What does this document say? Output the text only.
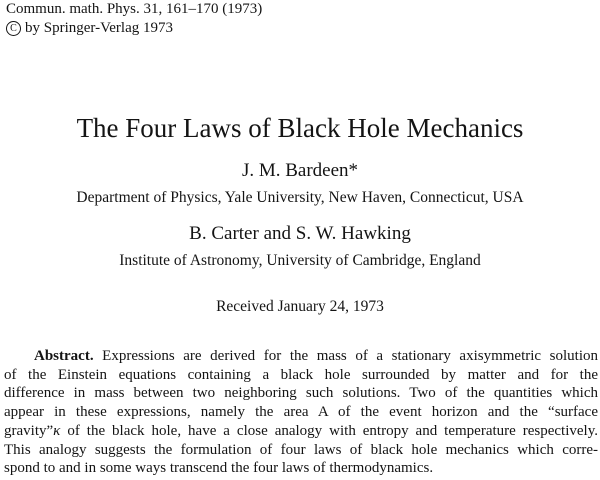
Commun. math. Phys. 31, 161–170 (1973)
C by Springer-Verlag 1973
The Four Laws of Black Hole Mechanics
J. M. Bardeen*
Department of Physics, Yale University, New Haven, Connecticut, USA
B. Carter and S. W. Hawking
Institute of Astronomy, University of Cambridge, England
Received January 24, 1973
Abstract. Expressions are derived for the mass of a stationary axisymmetric solution
of the Einstein equations containing a black hole surrounded by matter and for the
difference in mass between two neighboring such solutions. Two of the quantities which
appear in these expressions, namely the area A of the event horizon and the “surface
gravity”κ of the black hole, have a close analogy with entropy and temperature respectively.
This analogy suggests the formulation of four laws of black hole mechanics which corre-
spond to and in some ways transcend the four laws of thermodynamics.
